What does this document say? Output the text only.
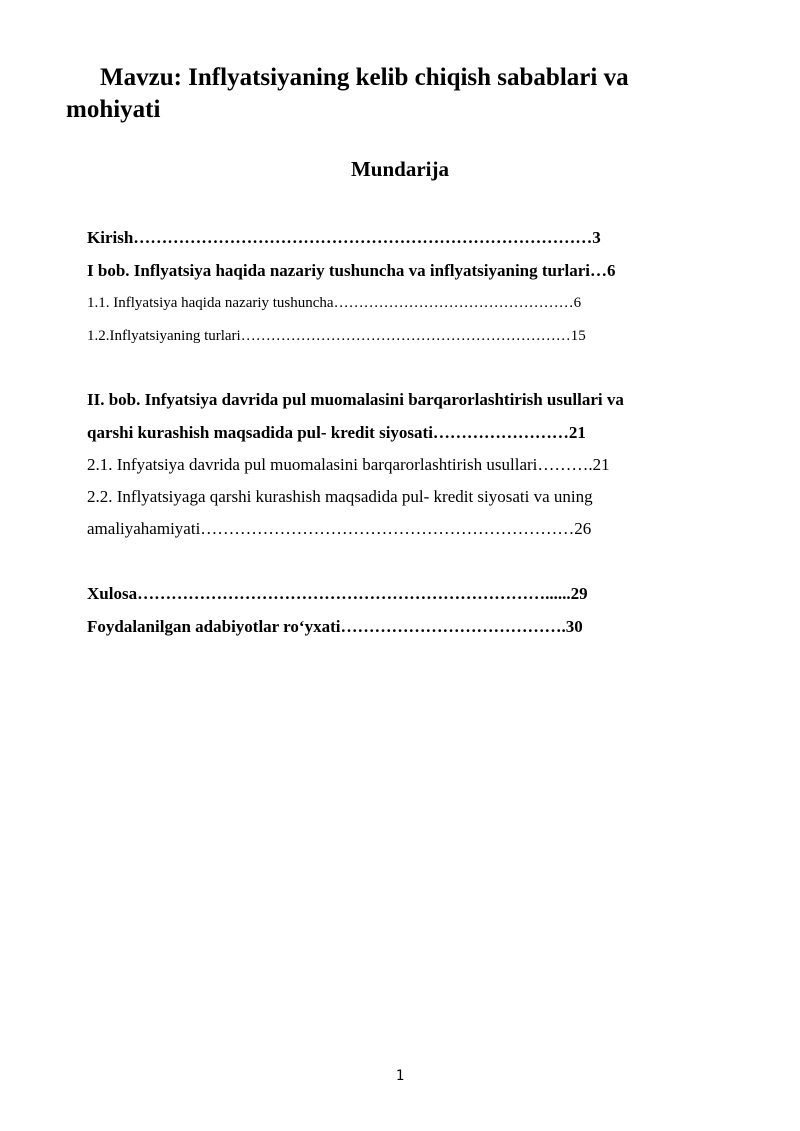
Mavzu: Inflyatsiyaning kelib chiqish sabablari va mohiyati
Mundarija

Kirish………………………………………………………………………3

I bob. Inflyatsiya haqida nazariy tushuncha va inflyatsiyaning turlari…6

1.1. Inflyatsiya haqida nazariy tushuncha…………………………………………6

1.2.Inflyatsiyaning turlari…………………………………………………………15

II. bob. Infyatsiya davrida pul muomalasini barqarorlashtirish usullari va

qarshi kurashish maqsadida pul- kredit siyosati……………………21

2.1. Infyatsiya davrida pul muomalasini barqarorlashtirish usullari……….21

2.2. Inflyatsiyaga qarshi kurashish maqsadida pul- kredit siyosati va uning

amaliyahamiyati…………………………………………………………26

Xulosa………………………………………………………………......29

Foydalanilgan adabiyotlar ro‘yxati………………………………….30

1
